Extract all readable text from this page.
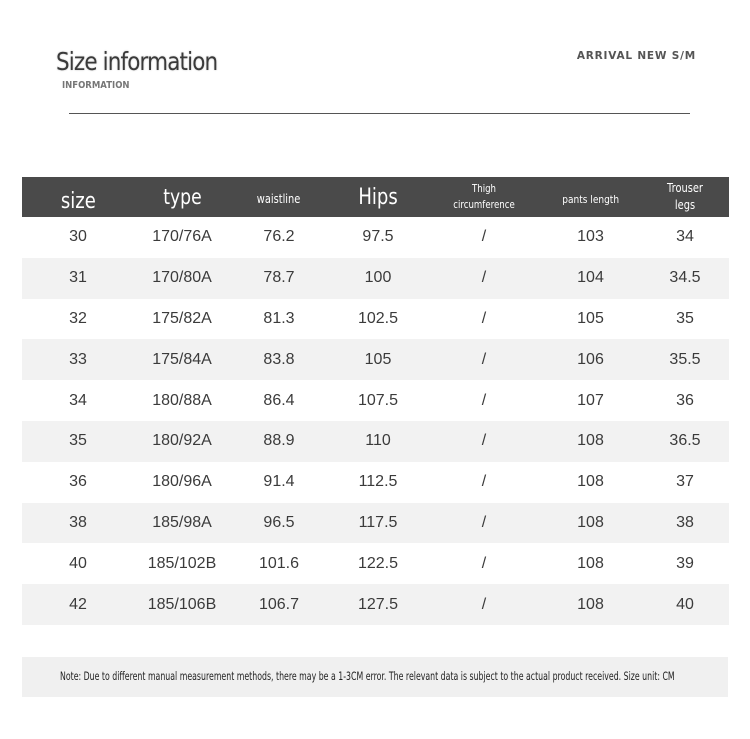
Size information
INFORMATION
ARRIVAL NEW S/M
size	type	waistline	Hips	Thigh circumference	pants length	Trouser legs
30	170/76A	76.2	97.5	/	103	34
31	170/80A	78.7	100	/	104	34.5
32	175/82A	81.3	102.5	/	105	35
33	175/84A	83.8	105	/	106	35.5
34	180/88A	86.4	107.5	/	107	36
35	180/92A	88.9	110	/	108	36.5
36	180/96A	91.4	112.5	/	108	37
38	185/98A	96.5	117.5	/	108	38
40	185/102B	101.6	122.5	/	108	39
42	185/106B	106.7	127.5	/	108	40
Note: Due to different manual measurement methods, there may be a 1-3CM error. The relevant data is subject to the actual product received. Size unit: CM
